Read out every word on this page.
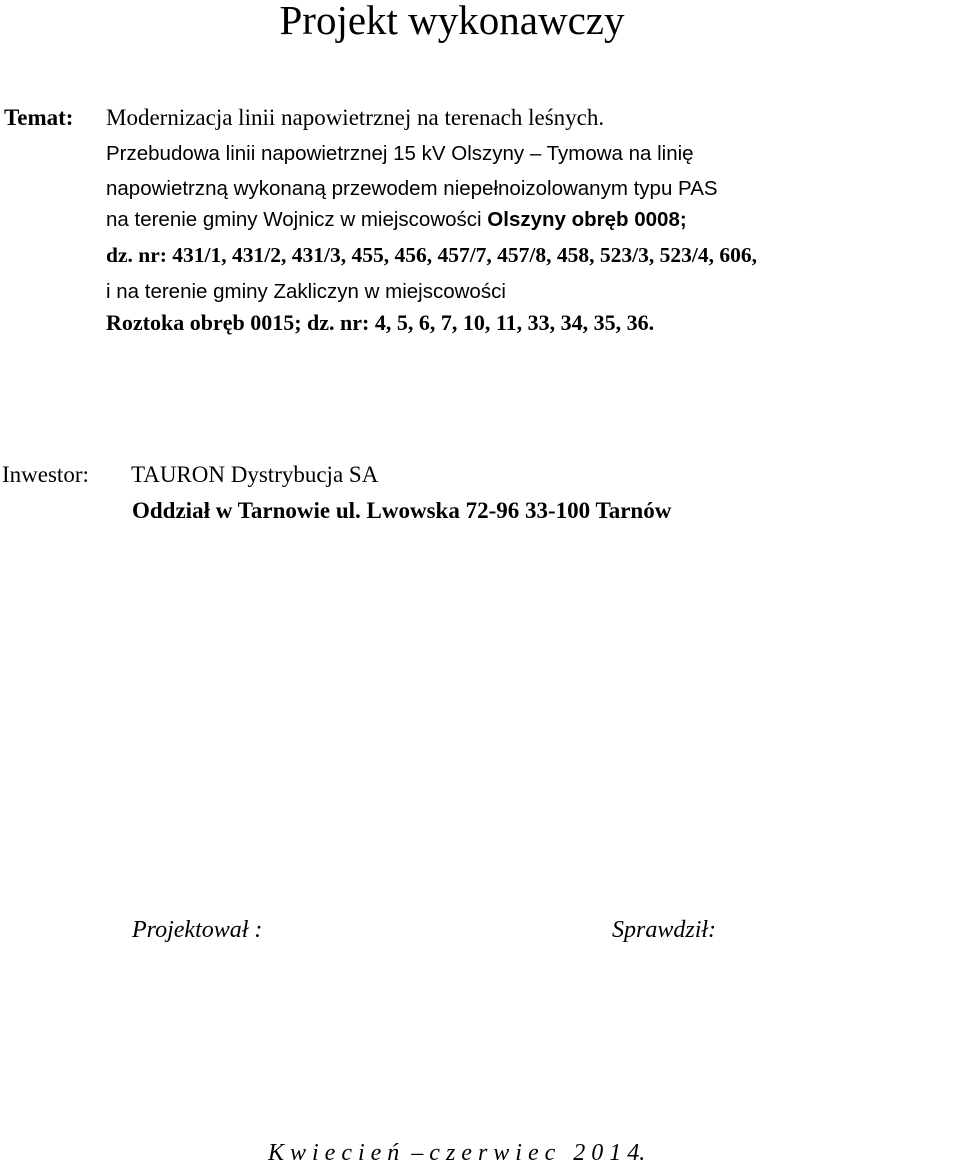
Projekt wykonawczy
Temat: Modernizacja linii napowietrznej na terenach leśnych.
Przebudowa linii napowietrznej 15 kV Olszyny – Tymowa na linię
napowietrzną wykonaną przewodem niepełnoizolowanym typu PAS
na terenie gminy Wojnicz w miejscowości Olszyny obręb 0008;
dz. nr: 431/1, 431/2, 431/3, 455, 456, 457/7, 457/8, 458, 523/3, 523/4, 606,
i na terenie gminy Zakliczyn w miejscowości
Roztoka obręb 0015; dz. nr: 4, 5, 6, 7, 10, 11, 33, 34, 35, 36.
Inwestor: TAURON Dystrybucja SA
Oddział w Tarnowie ul. Lwowska 72-96 33-100 Tarnów
Projektował :	Sprawdził:
K w i e c i e ń  – c z e r w i e c   2 0 1 4.
